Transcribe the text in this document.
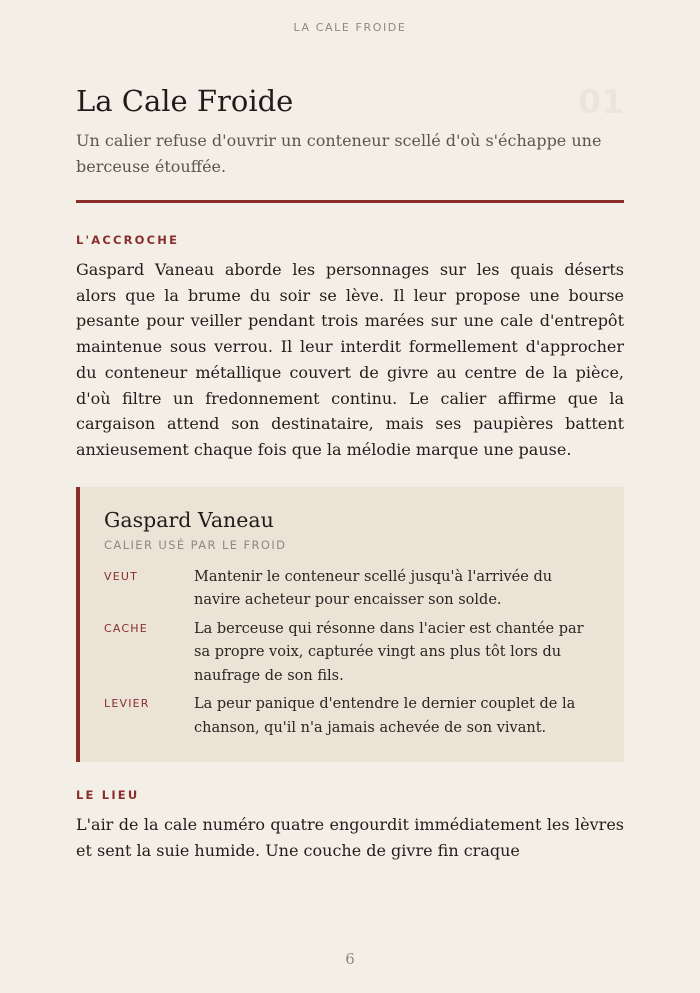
LA CALE FROIDE
La Cale Froide	01
Un calier refuse d'ouvrir un conteneur scellé d'où s'échappe une berceuse étouffée.
L'ACCROCHE
Gaspard Vaneau aborde les personnages sur les quais déserts alors que la brume du soir se lève. Il leur propose une bourse pesante pour veiller pendant trois marées sur une cale d'entrepôt maintenue sous verrou. Il leur interdit formellement d'approcher du conteneur métallique couvert de givre au centre de la pièce, d'où filtre un fredonnement continu. Le calier affirme que la cargaison attend son destinataire, mais ses paupières battent anxieusement chaque fois que la mélodie marque une pause.
Gaspard Vaneau
CALIER USÉ PAR LE FROID
VEUT	Mantenir le conteneur scellé jusqu'à l'arrivée du navire acheteur pour encaisser son solde.
CACHE	La berceuse qui résonne dans l'acier est chantée par sa propre voix, capturée vingt ans plus tôt lors du naufrage de son fils.
LEVIER	La peur panique d'entendre le dernier couplet de la chanson, qu'il n'a jamais achevée de son vivant.
LE LIEU
L'air de la cale numéro quatre engourdit immédiatement les lèvres et sent la suie humide. Une couche de givre fin craque
6
